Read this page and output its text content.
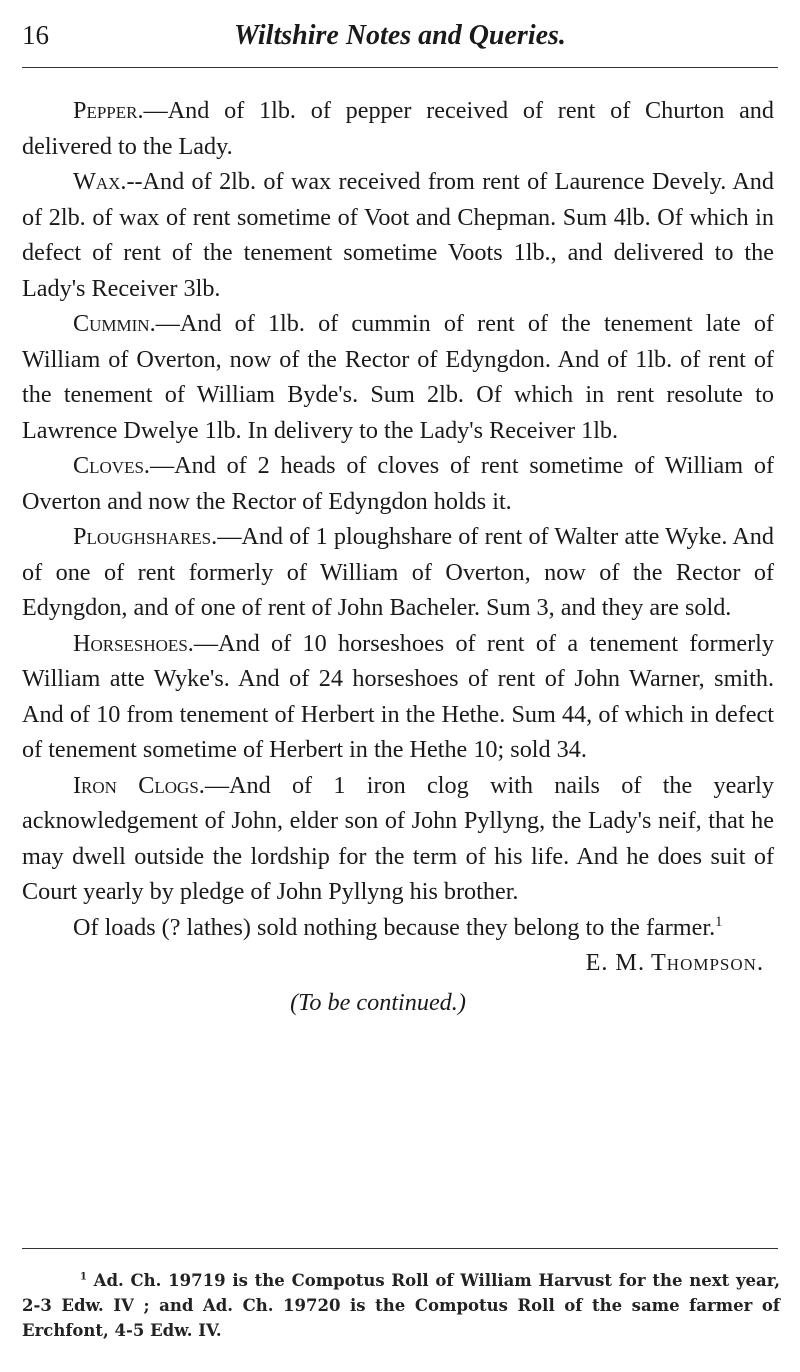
16	Wiltshire Notes and Queries.

Pepper.—And of 1lb. of pepper received of rent of Churton and delivered to the Lady.

Wax.--And of 2lb. of wax received from rent of Laurence Devely. And of 2lb. of wax of rent sometime of Voot and Chepman. Sum 4lb. Of which in defect of rent of the tenement sometime Voots 1lb., and delivered to the Lady's Receiver 3lb.

Cummin.—And of 1lb. of cummin of rent of the tenement late of William of Overton, now of the Rector of Edyngdon. And of 1lb. of rent of the tenement of William Byde's. Sum 2lb. Of which in rent resolute to Lawrence Dwelye 1lb. In delivery to the Lady's Receiver 1lb.

Cloves.—And of 2 heads of cloves of rent sometime of William of Overton and now the Rector of Edyngdon holds it.

Ploughshares.—And of 1 ploughshare of rent of Walter atte Wyke. And of one of rent formerly of William of Overton, now of the Rector of Edyngdon, and of one of rent of John Bacheler. Sum 3, and they are sold.

Horseshoes.—And of 10 horseshoes of rent of a tenement formerly William atte Wyke's. And of 24 horseshoes of rent of John Warner, smith. And of 10 from tenement of Herbert in the Hethe. Sum 44, of which in defect of tenement sometime of Herbert in the Hethe 10; sold 34.

Iron Clogs.—And of 1 iron clog with nails of the yearly acknowledgement of John, elder son of John Pyllyng, the Lady's neif, that he may dwell outside the lordship for the term of his life. And he does suit of Court yearly by pledge of John Pyllyng his brother.

Of loads (? lathes) sold nothing because they belong to the farmer.$^1$

E. M. Thompson.

(To be continued.)

$^1$ Ad. Ch. 19719 is the Compotus Roll of William Harvust for the next year, 2-3 Edw. IV ; and Ad. Ch. 19720 is the Compotus Roll of the same farmer of Erchfont, 4-5 Edw. IV.
